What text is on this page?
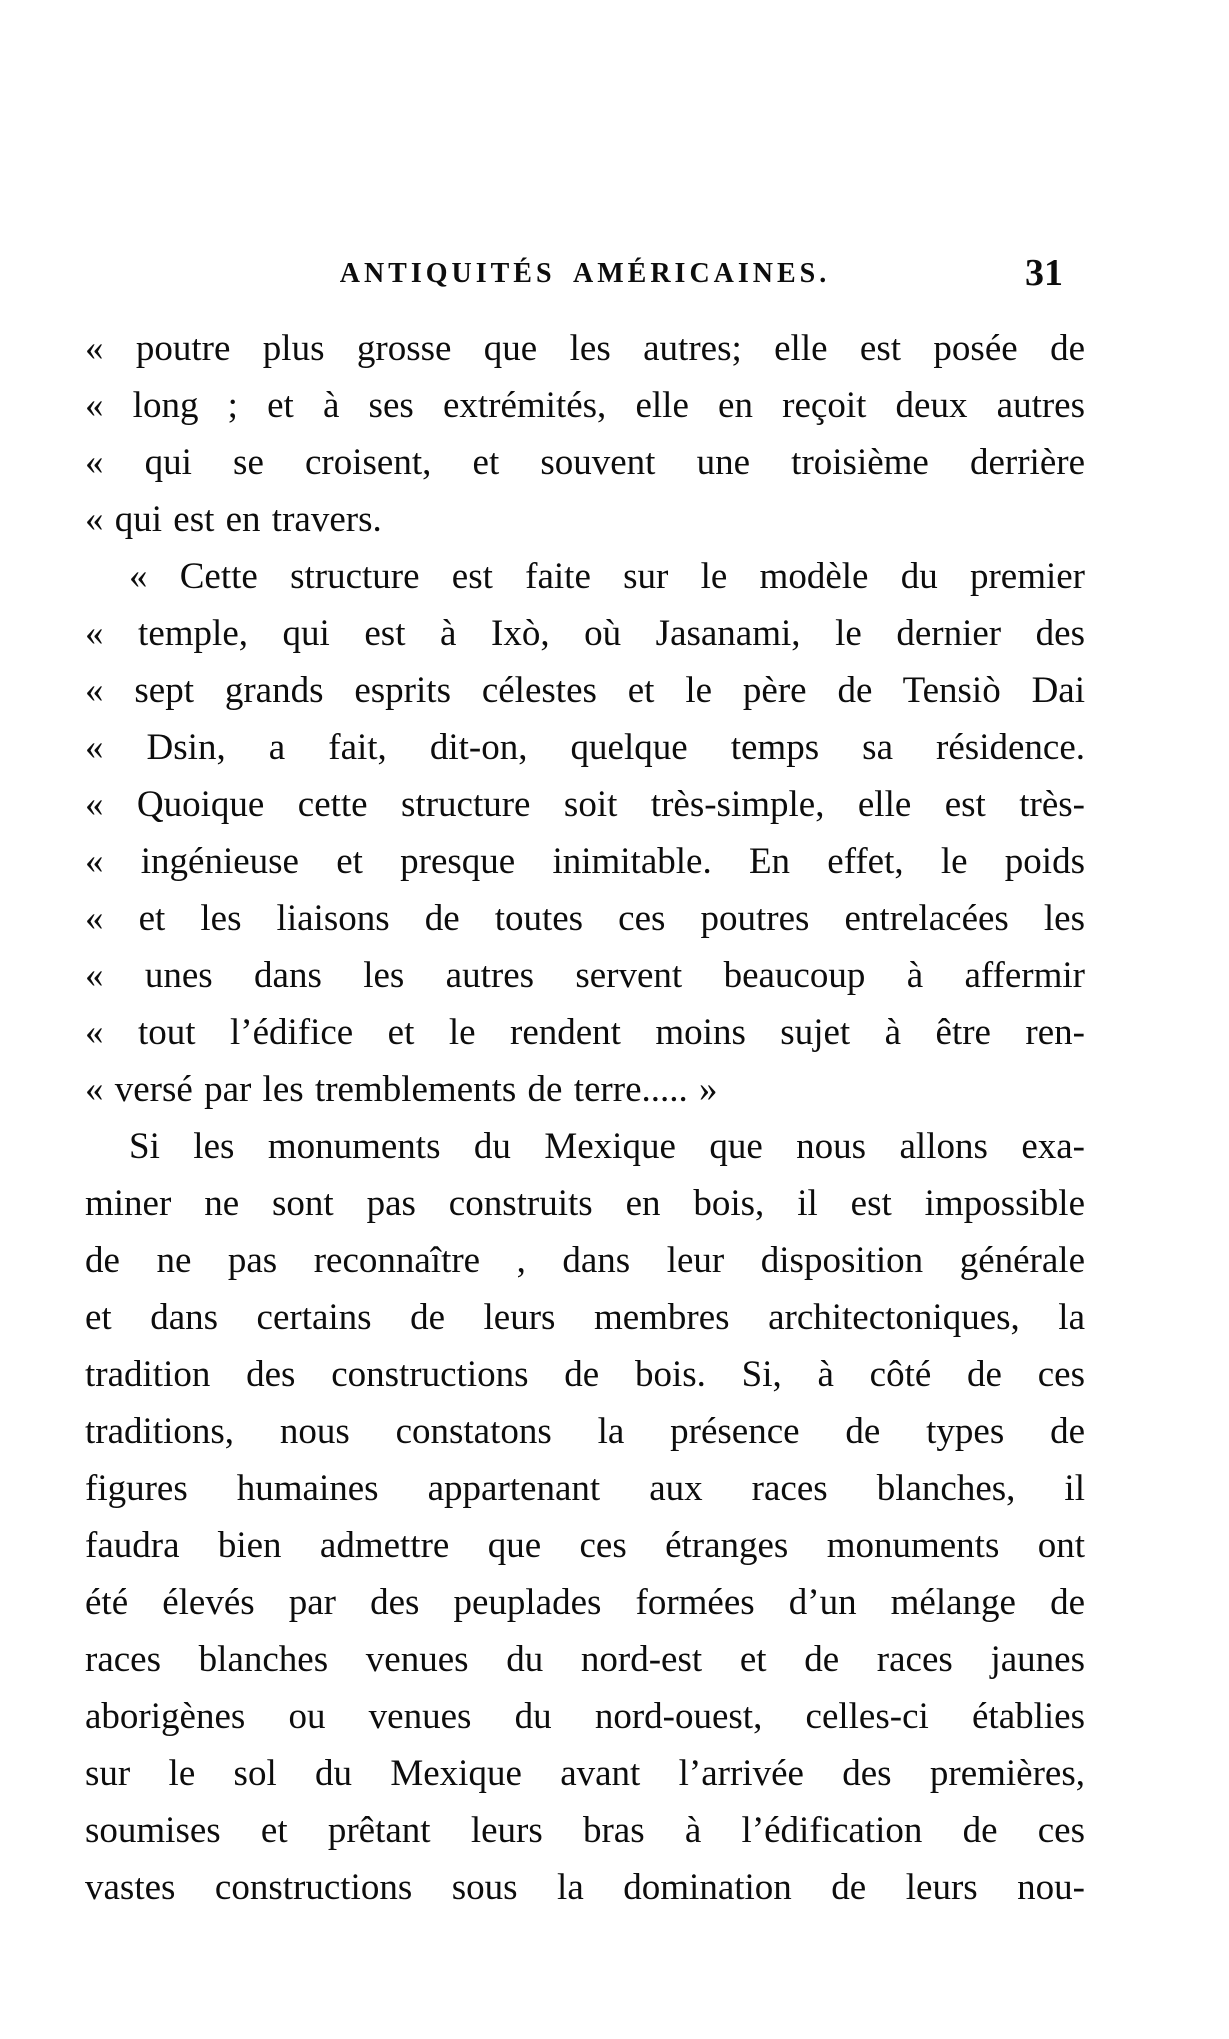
ANTIQUITÉS AMÉRICAINES.	31
« poutre plus grosse que les autres; elle est posée de
« long ; et à ses extrémités, elle en reçoit deux autres
« qui se croisent, et souvent une troisième derrière
« qui est en travers.
« Cette structure est faite sur le modèle du premier
« temple, qui est à Ixò, où Jasanami, le dernier des
« sept grands esprits célestes et le père de Tensiò Dai
« Dsin, a fait, dit-on, quelque temps sa résidence.
« Quoique cette structure soit très-simple, elle est très-
« ingénieuse et presque inimitable. En effet, le poids
« et les liaisons de toutes ces poutres entrelacées les
« unes dans les autres servent beaucoup à affermir
« tout l’édifice et le rendent moins sujet à être ren-
« versé par les tremblements de terre..... »
Si les monuments du Mexique que nous allons exa-
miner ne sont pas construits en bois, il est impossible
de ne pas reconnaître , dans leur disposition générale
et dans certains de leurs membres architectoniques, la
tradition des constructions de bois. Si, à côté de ces
traditions, nous constatons la présence de types de
figures humaines appartenant aux races blanches, il
faudra bien admettre que ces étranges monuments ont
été élevés par des peuplades formées d’un mélange de
races blanches venues du nord-est et de races jaunes
aborigènes ou venues du nord-ouest, celles-ci établies
sur le sol du Mexique avant l’arrivée des premières,
soumises et prêtant leurs bras à l’édification de ces
vastes constructions sous la domination de leurs nou-
